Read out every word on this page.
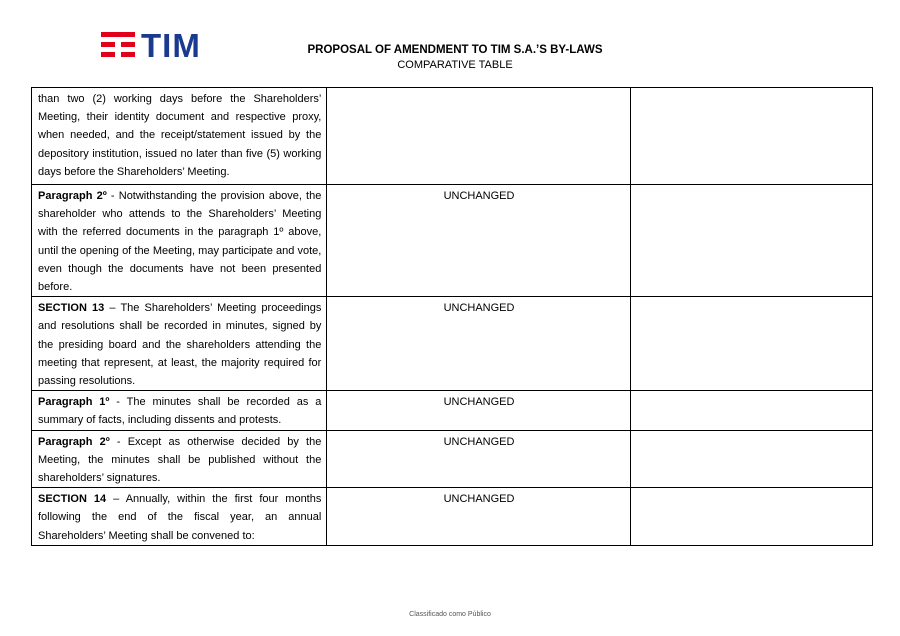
TIM	PROPOSAL OF AMENDMENT TO TIM S.A.’S BY-LAWS
COMPARATIVE TABLE
than two (2) working days before the Shareholders’ Meeting, their identity document and respective proxy, when needed, and the receipt/statement issued by the depository institution, issued no later than five (5) working days before the Shareholders’ Meeting.		
Paragraph 2º - Notwithstanding the provision above, the shareholder who attends to the Shareholders’ Meeting with the referred documents in the paragraph 1º above, until the opening of the Meeting, may participate and vote, even though the documents have not been presented before.	UNCHANGED	
SECTION 13 – The Shareholders’ Meeting proceedings and resolutions shall be recorded in minutes, signed by the presiding board and the shareholders attending the meeting that represent, at least, the majority required for passing resolutions.	UNCHANGED	
Paragraph 1º - The minutes shall be recorded as a summary of facts, including dissents and protests.	UNCHANGED	
Paragraph 2º - Except as otherwise decided by the Meeting, the minutes shall be published without the shareholders’ signatures.	UNCHANGED	
SECTION 14 – Annually, within the first four months following the end of the fiscal year, an annual Shareholders’ Meeting shall be convened to:	UNCHANGED	
Classificado como Público
